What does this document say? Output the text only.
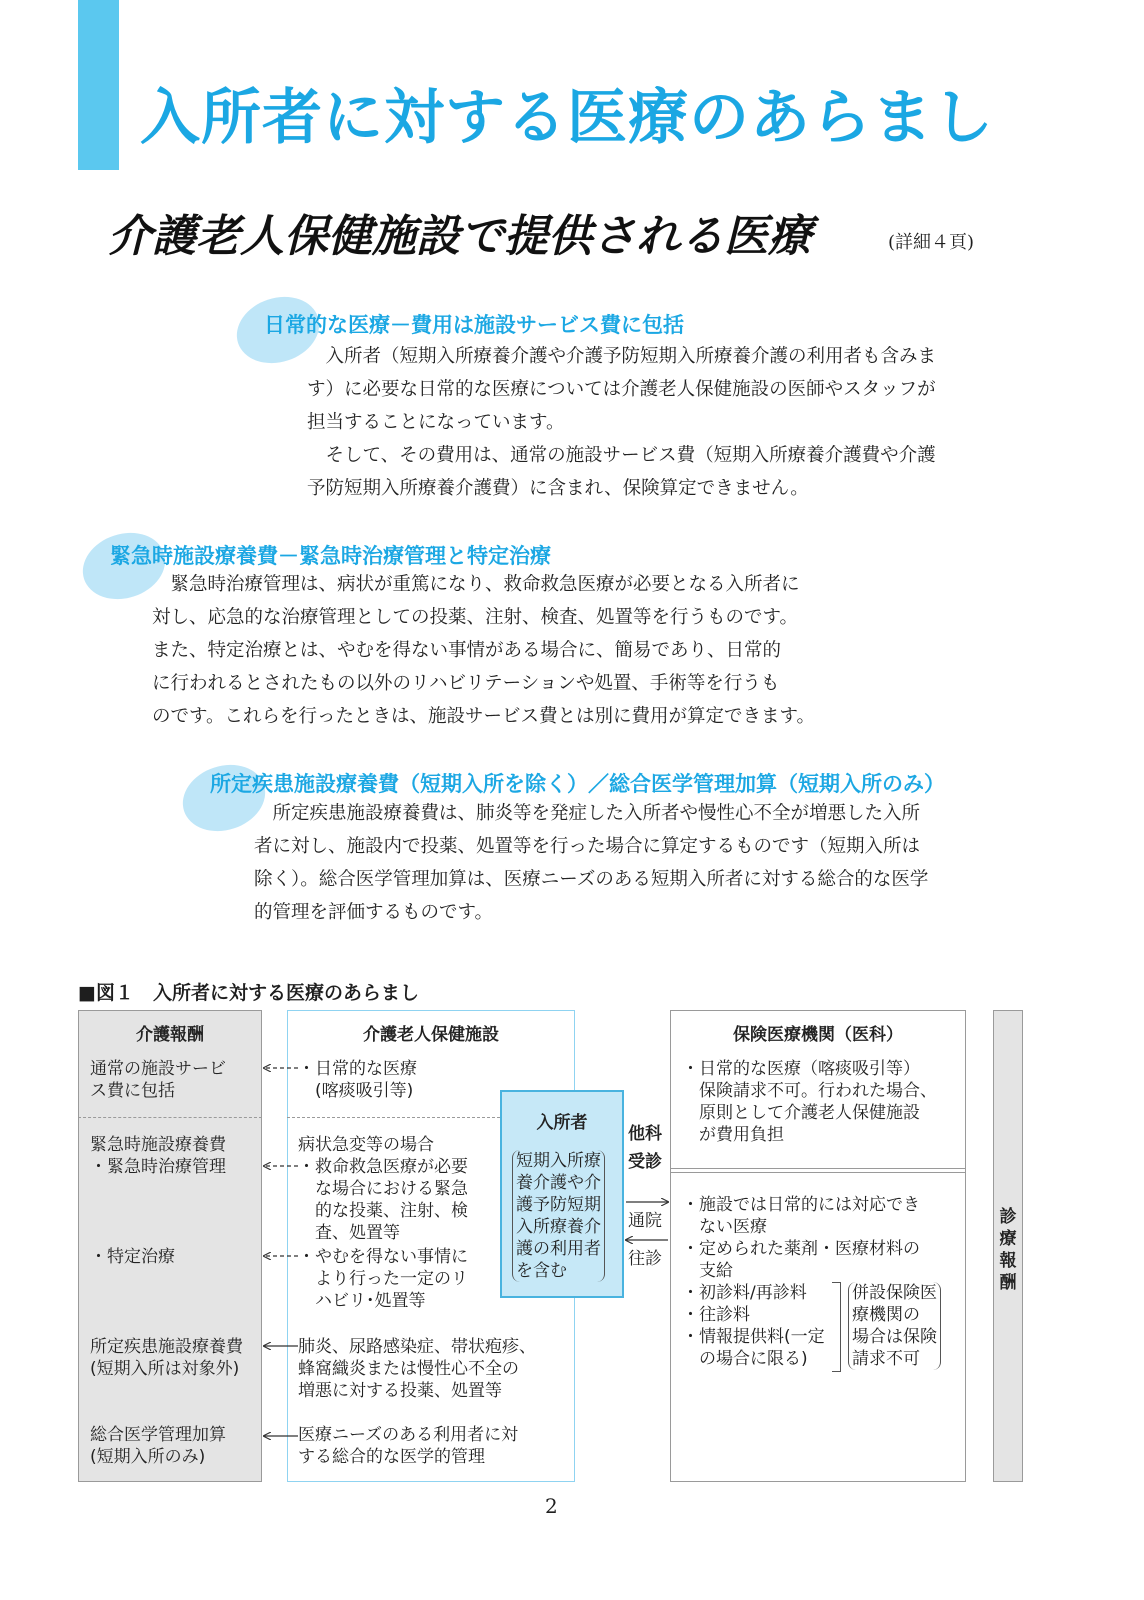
入所者に対する医療のあらまし
介護老人保健施設で提供される医療	(詳細４頁)
日常的な医療－費用は施設サービス費に包括

入所者（短期入所療養介護や介護予防短期入所療養介護の利用者も含みま

す）に必要な日常的な医療については介護老人保健施設の医師やスタッフが
担当することになっています。

そして、その費用は、通常の施設サービス費（短期入所療養介護費や介護

予防短期入所療養介護費）に含まれ、保険算定できません。
緊急時施設療養費－緊急時治療管理と特定治療

緊急時治療管理は、病状が重篤になり、救命救急医療が必要となる入所者に

対し、応急的な治療管理としての投薬、注射、検査、処置等を行うものです。
また、特定治療とは、やむを得ない事情がある場合に、簡易であり、日常的
に行われるとされたもの以外のリハビリテーションや処置、手術等を行うも
のです。これらを行ったときは、施設サービス費とは別に費用が算定できます。
所定疾患施設療養費（短期入所を除く）／総合医学管理加算（短期入所のみ）

所定疾患施設療養費は、肺炎等を発症した入所者や慢性心不全が増悪した入所

者に対し、施設内で投薬、処置等を行った場合に算定するものです（短期入所は
除く）。総合医学管理加算は、医療ニーズのある短期入所者に対する総合的な医学
的管理を評価するものです。
■図１　入所者に対する医療のあらまし
介護報酬
通常の施設サービ
ス費に包括
緊急時施設療養費
・緊急時治療管理
・特定治療
所定疾患施設療養費
(短期入所は対象外)
総合医学管理加算
(短期入所のみ)
介護老人保健施設
・日常的な医療
　(喀痰吸引等)
病状急変等の場合
・救命救急医療が必要
　な場合における緊急
　的な投薬、注射、検
　査、処置等
・やむを得ない事情に
　より行った一定のリ
　ハビリ･処置等
肺炎、尿路感染症、帯状疱疹、
蜂窩織炎または慢性心不全の
増悪に対する投薬、処置等
医療ニーズのある利用者に対
する総合的な医学的管理
入所者
短期入所療
養介護や介
護予防短期
入所療養介
護の利用者
を含む
他科
受診
通院
往診
保険医療機関（医科）
・日常的な医療（喀痰吸引等）
　保険請求不可。行われた場合、
　原則として介護老人保健施設
　が費用負担
・施設では日常的には対応でき
　ない医療
・定められた薬剤・医療材料の
　支給
・初診料/再診料
・往診料
・情報提供料(一定
　の場合に限る)
併設保険医
療機関の
場合は保険
請求不可
診
療
報
酬
2
